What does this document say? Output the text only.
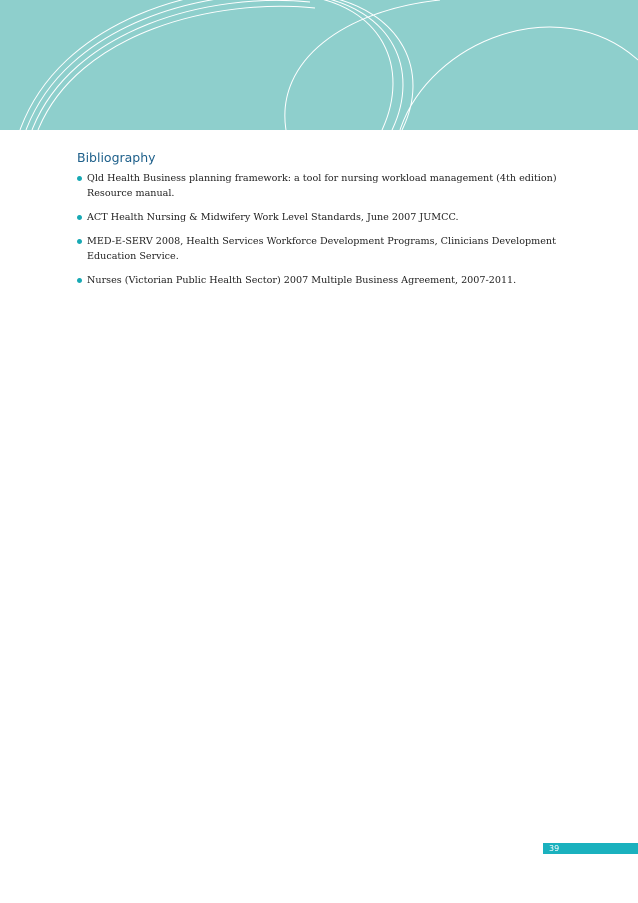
Bibliography
Qld Health Business planning framework: a tool for nursing workload management (4th edition) Resource manual.
ACT Health Nursing & Midwifery Work Level Standards, June 2007 JUMCC.
MED-E-SERV 2008, Health Services Workforce Development Programs, Clinicians Development Education Service.
Nurses (Victorian Public Health Sector) 2007 Multiple Business Agreement, 2007-2011.
39
